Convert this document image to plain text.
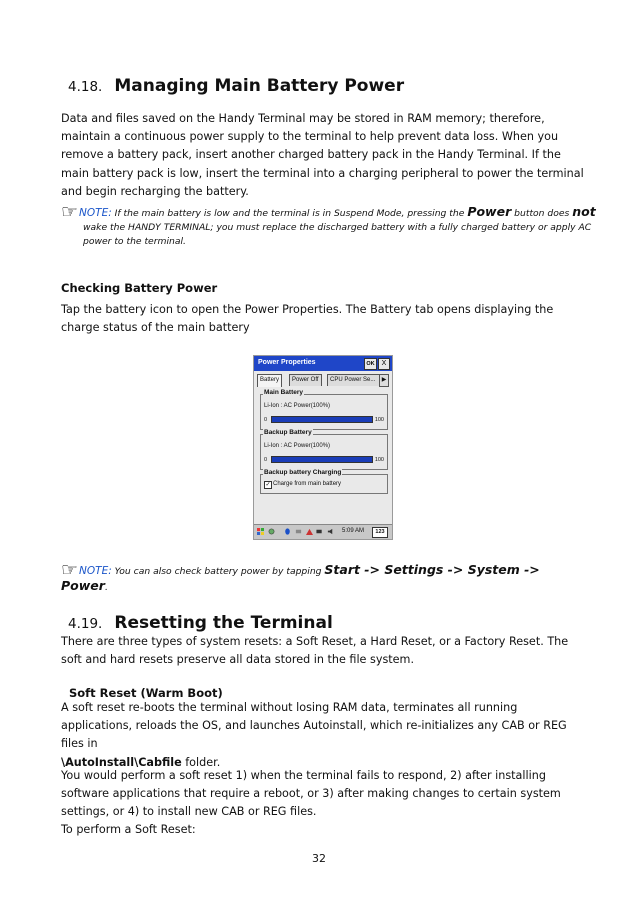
4.18. Managing Main Battery Power
Data and files saved on the Handy Terminal may be stored in RAM memory; therefore, maintain a continuous power supply to the terminal to help prevent data loss. When you remove a battery pack, insert another charged battery pack in the Handy Terminal. If the main battery pack is low, insert the terminal into a charging peripheral to power the terminal and begin recharging the battery.
☞NOTE: If the main battery is low and the terminal is in Suspend Mode, pressing the Power button does not wake the HANDY TERMINAL; you must replace the discharged battery with a fully charged battery or apply AC power to the terminal.
Checking Battery Power
Tap the battery icon to open the Power Properties. The Battery tab opens displaying the charge status of the main battery
Power Properties	OK	X
Battery	Power Off	CPU Power Se...	▶
Main Battery
Li-Ion : AC Power(100%)
0	100
Backup Battery
Li-Ion : AC Power(100%)
0	100
Backup battery Charging
✓ Charge from main battery
5:09 AM	123
☞NOTE: You can also check battery power by tapping Start -> Settings -> System -> Power.
4.19. Resetting the Terminal
There are three types of system resets: a Soft Reset, a Hard Reset, or a Factory Reset. The soft and hard resets preserve all data stored in the file system.
Soft Reset (Warm Boot)
A soft reset re-boots the terminal without losing RAM data, terminates all running applications, reloads the OS, and launches Autoinstall, which re-initializes any CAB or REG files in
\AutoInstall\Cabfile folder.
You would perform a soft reset 1) when the terminal fails to respond, 2) after installing software applications that require a reboot, or 3) after making changes to certain system settings, or 4) to install new CAB or REG files.
To perform a Soft Reset:
32
